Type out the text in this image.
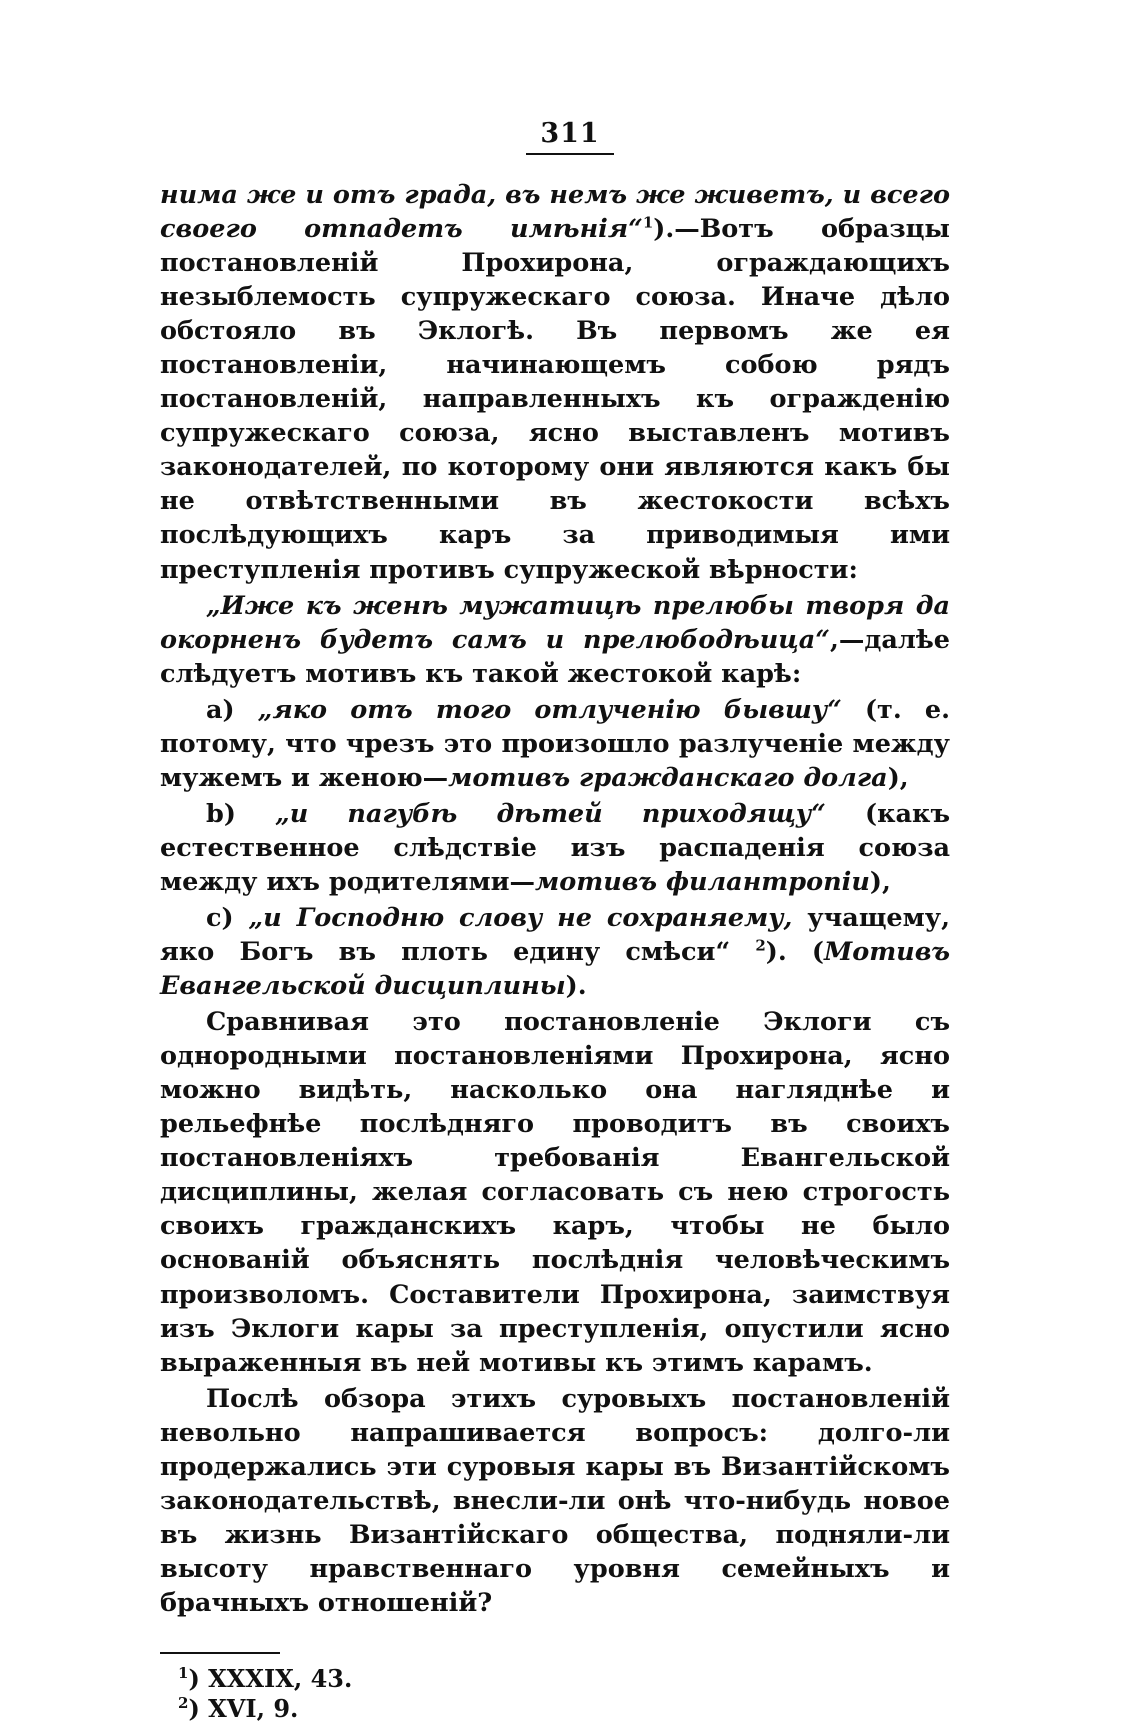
311

нима же и отъ града, въ немъ же живетъ, и всего своего отпадетъ имѣнія“$^1$).—Вотъ образцы постановленій Прохирона, ограждающихъ незыблемость супружескаго союза. Иначе дѣло обстояло въ Эклогѣ. Въ первомъ же ея постановленіи, начинающемъ собою рядъ постановленій, направленныхъ къ огражденію супружескаго союза, ясно выставленъ мотивъ законодателей, по которому они являются какъ бы не отвѣтственными въ жестокости всѣхъ послѣдующихъ каръ за приводимыя ими преступленія противъ супружеской вѣрности:

„Иже къ женѣ мужатицѣ прелюбы творя да окорненъ будетъ самъ и прелюбодѣица“,—далѣе слѣдуетъ мотивъ къ такой жестокой карѣ:

a) „яко отъ того отлученію бывшу“ (т. е. потому, что чрезъ это произошло разлученіе между мужемъ и женою—мотивъ гражданскаго долга),

b) „и пагубѣ дѣтей приходящу“ (какъ естественное слѣдствіе изъ распаденія союза между ихъ родителями—мотивъ филантропіи),

c) „и Господню слову не сохраняему, учащему, яко Богъ въ плоть едину смѣси“ $^2$). (Мотивъ Евангельской дисциплины).

Сравнивая это постановленіе Эклоги съ однородными постановленіями Прохирона, ясно можно видѣть, насколько она нагляднѣе и рельефнѣе послѣдняго проводитъ въ своихъ постановленіяхъ требованія Евангельской дисциплины, желая согласовать съ нею строгость своихъ гражданскихъ каръ, чтобы не было основаній объяснять послѣднія человѣческимъ произволомъ. Составители Прохирона, заимствуя изъ Эклоги кары за преступленія, опустили ясно выраженныя въ ней мотивы къ этимъ карамъ.

Послѣ обзора этихъ суровыхъ постановленій невольно напрашивается вопросъ: долго-ли продержались эти суровыя кары въ Византійскомъ законодательствѣ, внесли-ли онѣ что-нибудь новое въ жизнь Византійскаго общества, подняли-ли высоту нравственнаго уровня семейныхъ и брачныхъ отношеній?

$^1$) XXXIX, 43.
$^2$) XVI, 9.
